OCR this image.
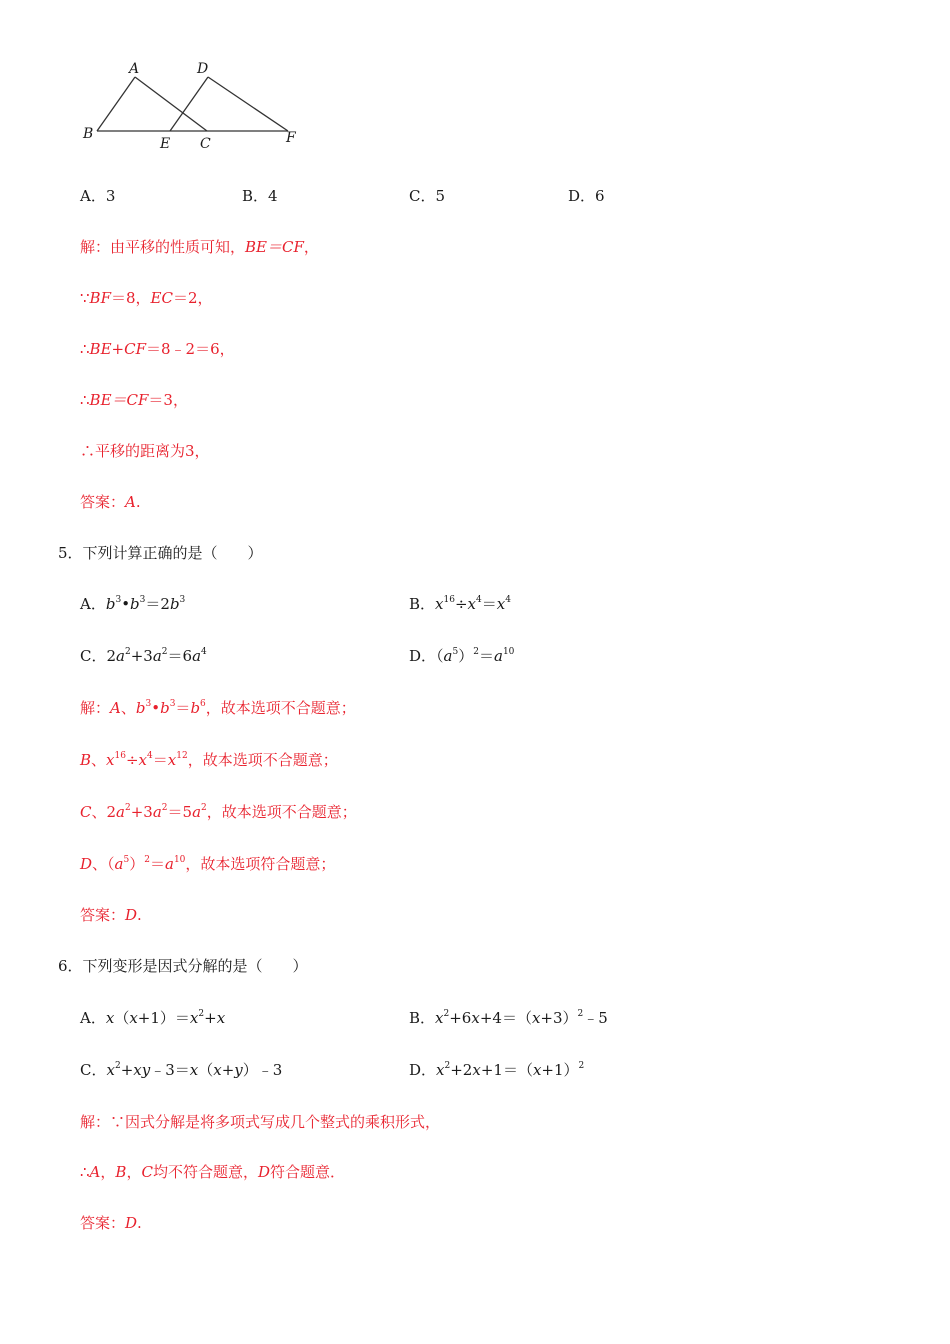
A	D
B
E C	F
A．3	B．4	C．5	D．6
解：由平移的性质可知，BE＝CF，
∵BF＝8，EC＝2，
∴BE+CF＝8﹣2＝6，
∴BE＝CF＝3，
∴平移的距离为3，
答案：A.
5．下列计算正确的是（　　）
A．$b^3•b^3=2b^3$	B．$x^{16}\div x^4=x^4$
C．$2a^2+3a^2=6a^4$	D．$(a^5)^2=a^{10}$
解：A、$b^3•b^3=b^6$，故本选项不合题意；
B、$x^{16}\div x^4=x^{12}$，故本选项不合题意；
C、$2a^2+3a^2=5a^2$，故本选项不合题意；
D、$(a^5)^2=a^{10}$，故本选项符合题意；
答案：D.
6．下列变形是因式分解的是（　　）
A．$x(x+1)=x^2+x$	B．$x^2+6x+4=(x+3)^2﹣5$
C．$x^2+xy﹣3=x(x+y)﹣3$	D．$x^2+2x+1=(x+1)^2$
解：∵因式分解是将多项式写成几个整式的乘积形式，
∴A，B，C均不符合题意，D符合题意．
答案：D.
